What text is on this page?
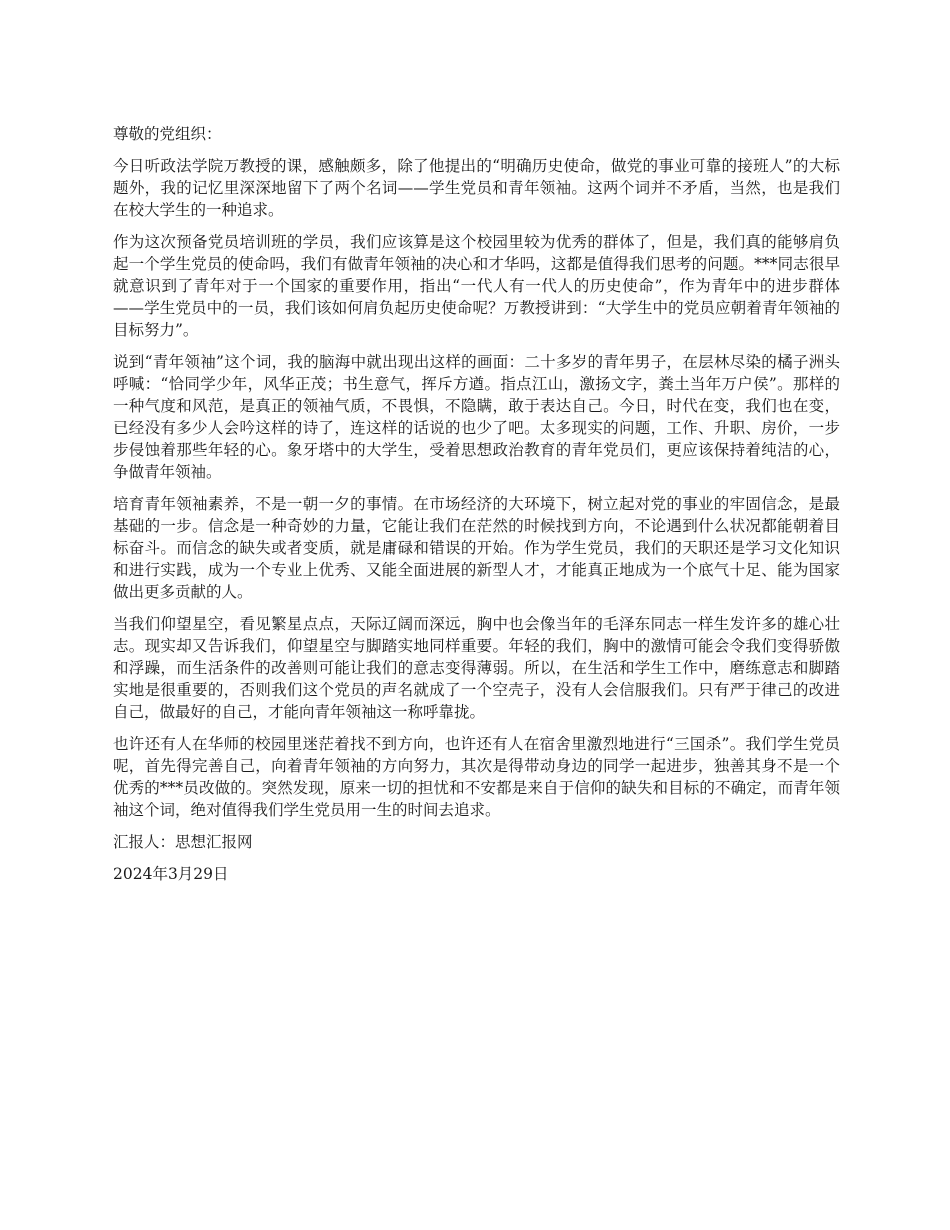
尊敬的党组织：

今日听政法学院万教授的课，感触颇多，除了他提出的“明确历史使命，做党的事业可靠的接班人”的大标题外，我的记忆里深深地留下了两个名词——学生党员和青年领袖。这两个词并不矛盾，当然，也是我们在校大学生的一种追求。

作为这次预备党员培训班的学员，我们应该算是这个校园里较为优秀的群体了，但是，我们真的能够肩负起一个学生党员的使命吗，我们有做青年领袖的决心和才华吗，这都是值得我们思考的问题。***同志很早就意识到了青年对于一个国家的重要作用，指出“一代人有一代人的历史使命”，作为青年中的进步群体——学生党员中的一员，我们该如何肩负起历史使命呢？万教授讲到：“大学生中的党员应朝着青年领袖的目标努力”。

说到“青年领袖”这个词，我的脑海中就出现出这样的画面：二十多岁的青年男子，在层林尽染的橘子洲头呼喊：“恰同学少年，风华正茂；书生意气，挥斥方遒。指点江山，激扬文字，粪土当年万户侯”。那样的一种气度和风范，是真正的领袖气质，不畏惧，不隐瞒，敢于表达自己。今日，时代在变，我们也在变，已经没有多少人会吟这样的诗了，连这样的话说的也少了吧。太多现实的问题，工作、升职、房价，一步步侵蚀着那些年轻的心。象牙塔中的大学生，受着思想政治教育的青年党员们，更应该保持着纯洁的心，争做青年领袖。

培育青年领袖素养，不是一朝一夕的事情。在市场经济的大环境下，树立起对党的事业的牢固信念，是最基础的一步。信念是一种奇妙的力量，它能让我们在茫然的时候找到方向，不论遇到什么状况都能朝着目标奋斗。而信念的缺失或者变质，就是庸碌和错误的开始。作为学生党员，我们的天职还是学习文化知识和进行实践，成为一个专业上优秀、又能全面进展的新型人才，才能真正地成为一个底气十足、能为国家做出更多贡献的人。

当我们仰望星空，看见繁星点点，天际辽阔而深远，胸中也会像当年的毛泽东同志一样生发许多的雄心壮志。现实却又告诉我们，仰望星空与脚踏实地同样重要。年轻的我们，胸中的激情可能会令我们变得骄傲和浮躁，而生活条件的改善则可能让我们的意志变得薄弱。所以，在生活和学生工作中，磨练意志和脚踏实地是很重要的，否则我们这个党员的声名就成了一个空壳子，没有人会信服我们。只有严于律己的改进自己，做最好的自己，才能向青年领袖这一称呼靠拢。

也许还有人在华师的校园里迷茫着找不到方向，也许还有人在宿舍里激烈地进行“三国杀”。我们学生党员呢，首先得完善自己，向着青年领袖的方向努力，其次是得带动身边的同学一起进步，独善其身不是一个优秀的***员改做的。突然发现，原来一切的担忧和不安都是来自于信仰的缺失和目标的不确定，而青年领袖这个词，绝对值得我们学生党员用一生的时间去追求。

汇报人：思想汇报网

2024年3月29日
